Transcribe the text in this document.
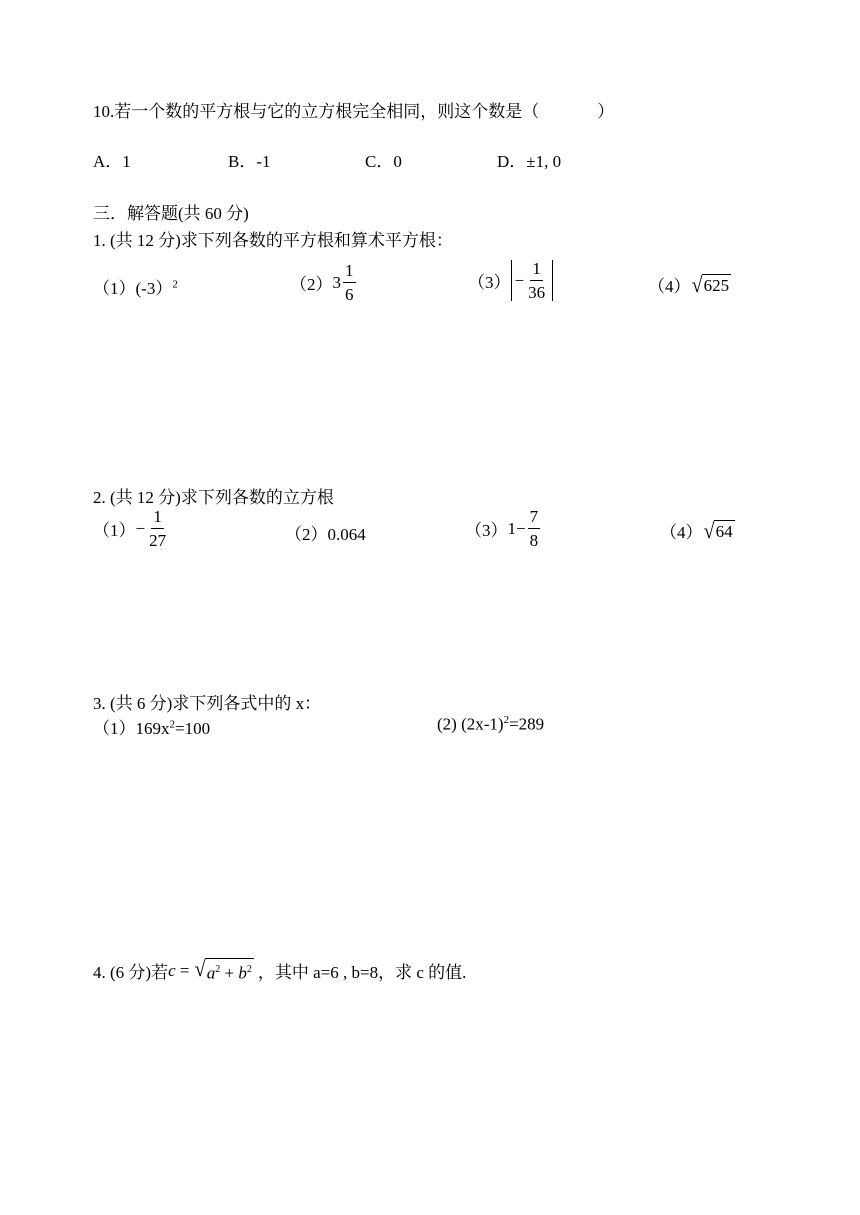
10.若一个数的平方根与它的立方根完全相同，则这个数是（	）
A．1	B．-1	C．0	D．±1, 0
三．解答题(共 60 分)
1. (共 12 分)求下列各数的平方根和算术平方根：
（1）(-3）$^2$	（2） $3 \frac{1}{6}$	$(3) - \frac{1}{36}$	（4） √ 625
2. (共 12 分)求下列各数的立方根
$(1) - \frac{1}{27}$	（2）0.064	（3） $1- \frac{7}{8}$	（4） √ 64
3. (共 6 分)求下列各式中的 x：
$(1)169x^2=100$	(2) $(2x-1)^2=289$
4. (6 分)若 c = √ $a^2 + b^2$ ，其中 a=6 , b=8，求 c 的值.
